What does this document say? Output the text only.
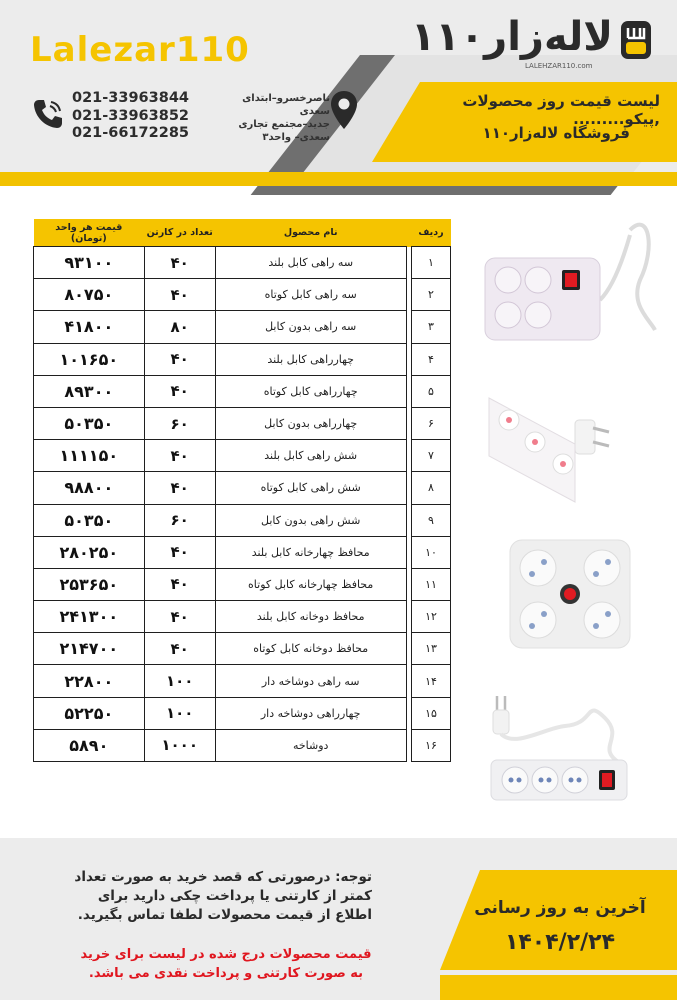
Lalezar110
021-33963844
021-33963852
021-66172285
ناصرخسرو–ابتدای سعدی
جدید–مجتمع تجاری
سعدی– واحد۳
لاله‌زار۱۱۰
LALEHZAR110.com
لیست قیمت روز محصولات ,پیکو.........
فروشگاه لاله‌زار۱۱۰
قیمت هر واحد
(تومان)	تعداد در کارتن	نام محصول		ردیف
۹۳۱۰۰	۴۰	سه راهی کابل بلند		۱
۸۰۷۵۰	۴۰	سه راهی کابل کوتاه		۲
۴۱۸۰۰	۸۰	سه راهی بدون کابل		۳
۱۰۱۶۵۰	۴۰	چهارراهی کابل بلند		۴
۸۹۳۰۰	۴۰	چهارراهی کابل کوتاه		۵
۵۰۳۵۰	۶۰	چهارراهی بدون کابل		۶
۱۱۱۱۵۰	۴۰	شش راهی کابل بلند		۷
۹۸۸۰۰	۴۰	شش راهی کابل کوتاه		۸
۵۰۳۵۰	۶۰	شش راهی بدون کابل		۹
۲۸۰۲۵۰	۴۰	محافظ چهارخانه کابل بلند		۱۰
۲۵۳۶۵۰	۴۰	محافظ چهارخانه کابل کوتاه		۱۱
۲۴۱۳۰۰	۴۰	محافظ دوخانه کابل بلند		۱۲
۲۱۴۷۰۰	۴۰	محافظ دوخانه کابل کوتاه		۱۳
۲۲۸۰۰	۱۰۰	سه راهی دوشاخه دار		۱۴
۵۲۲۵۰	۱۰۰	چهارراهی دوشاخه دار		۱۵
۵۸۹۰	۱۰۰۰	دوشاخه		۱۶
آخرین به روز رسانی
۱۴۰۴/۲/۲۴
توجه: درصورتی که قصد خرید به صورت تعداد کمتر از کارتنی یا پرداخت چکی دارید برای اطلاع از قیمت محصولات لطفا تماس بگیرید.
قیمت محصولات درج شده در لیست برای خرید به صورت کارتنی و پرداخت نقدی می باشد.
